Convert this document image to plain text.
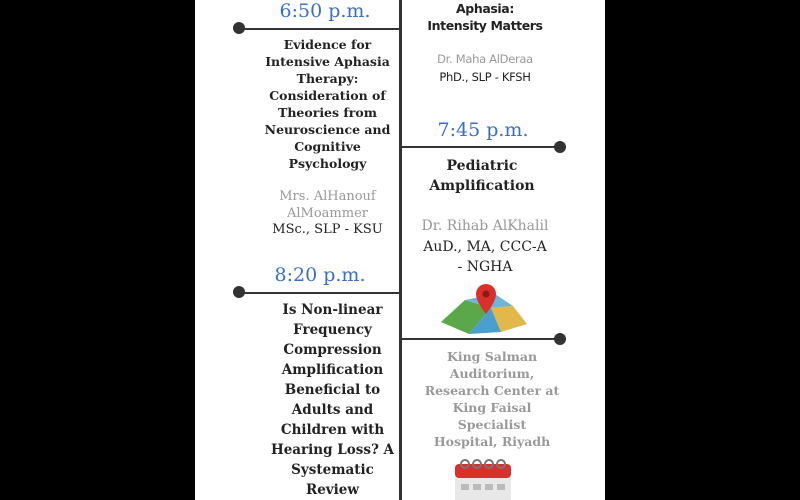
6:50 p.m.
Evidence for
Intensive Aphasia
Therapy:
Consideration of
Theories from
Neuroscience and
Cognitive
Psychology
Mrs. AlHanouf
AlMoammer
MSc., SLP - KSU
8:20 p.m.
Is Non-linear
Frequency
Compression
Amplification
Beneficial to
Adults and
Children with
Hearing Loss? A
Systematic
Review
Aphasia:
Intensity Matters
Dr. Maha AlDeraa
PhD., SLP - KFSH
7:45 p.m.
Pediatric
Amplification
Dr. Rihab AlKhalil
AuD., MA, CCC-A
- NGHA
King Salman
Auditorium,
Research Center at
King Faisal
Specialist
Hospital, Riyadh
